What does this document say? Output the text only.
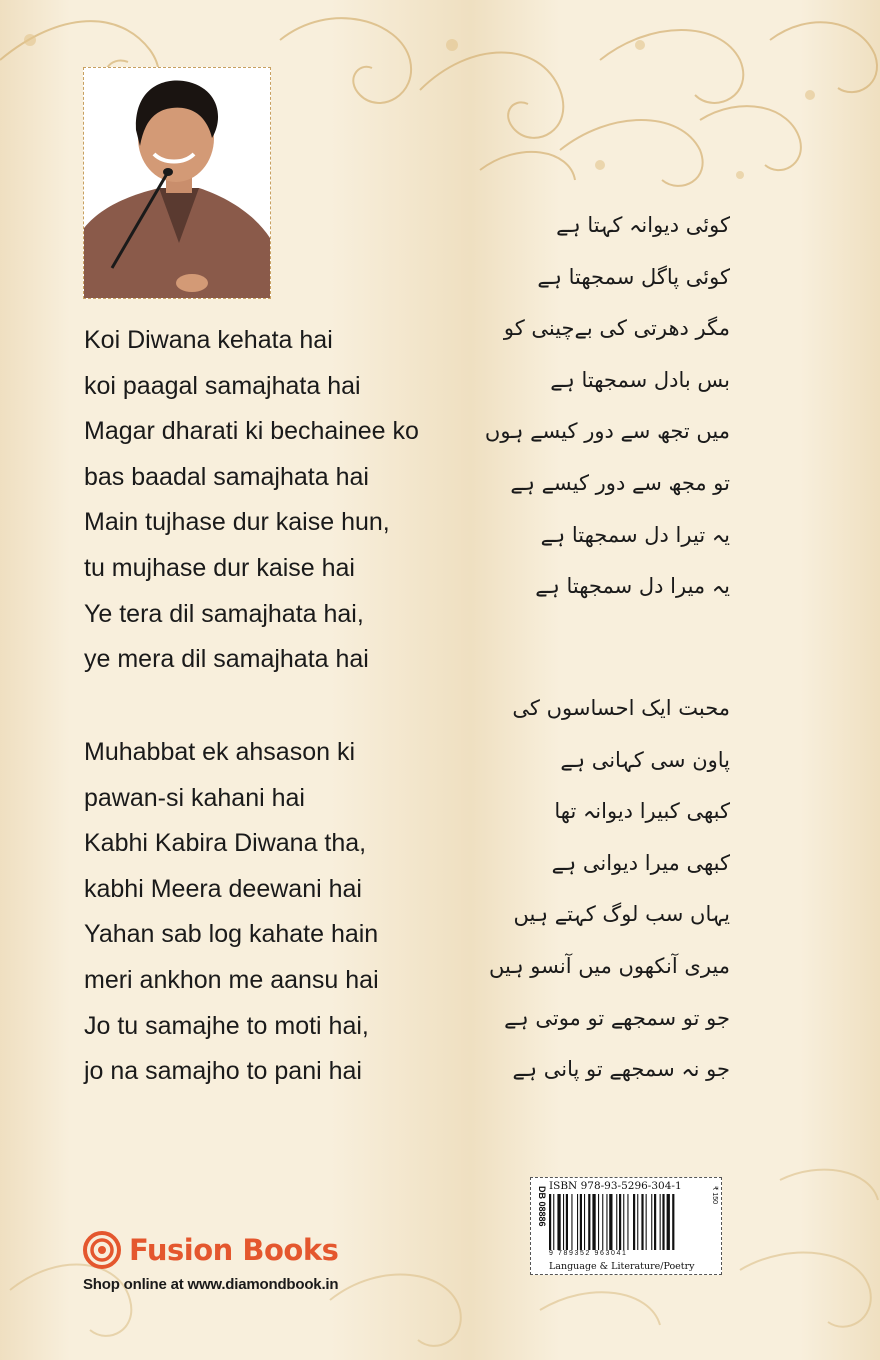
Koi Diwana kehata hai
koi paagal samajhata hai
Magar dharati ki bechainee ko
bas baadal samajhata hai
Main tujhase dur kaise hun,
tu mujhase dur kaise hai
Ye tera dil samajhata hai,
ye mera dil samajhata hai
Muhabbat ek ahsason ki
pawan-si kahani hai
Kabhi Kabira Diwana tha,
kabhi Meera deewani hai
Yahan sab log kahate hain
meri ankhon me aansu hai
Jo tu samajhe to moti hai,
jo na samajho to pani hai
کوئی دیوانہ کہتا ہے
کوئی پاگل سمجھتا ہے
مگر دھرتی کی بےچینی کو
بس بادل سمجھتا ہے
میں تجھ سے دور کیسے ہوں
تو مجھ سے دور کیسے ہے
یہ تیرا دل سمجھتا ہے
یہ میرا دل سمجھتا ہے
محبت ایک احساسوں کی
پاون سی کہانی ہے
کبھی کبیرا دیوانہ تھا
کبھی میرا دیوانی ہے
یہاں سب لوگ کہتے ہیں
میری آنکھوں میں آنسو ہیں
جو تو سمجھے تو موتی ہے
جو نہ سمجھے تو پانی ہے
Fusion Books
Shop online at www.diamondbook.in
ISBN 978-93-5296-304-1
DB 08886	₹ 150
9 789352 963041
Language & Literature/Poetry
